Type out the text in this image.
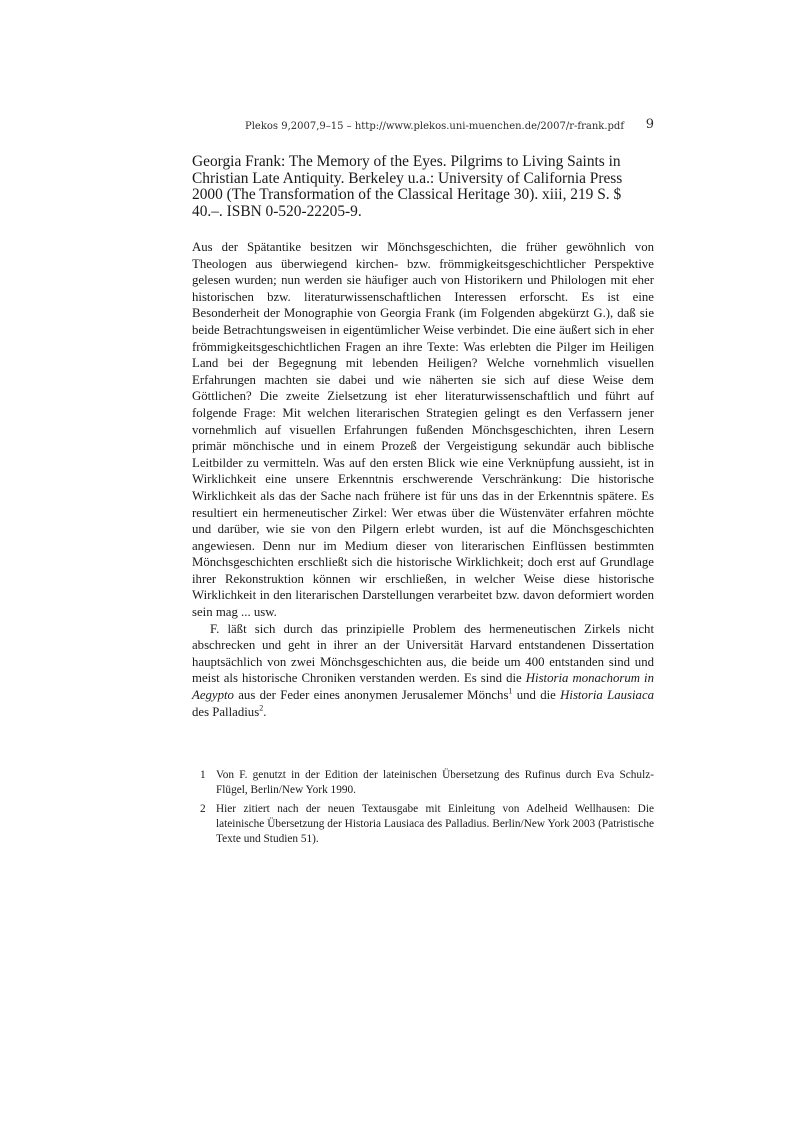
Plekos 9,2007,9–15 – http://www.plekos.uni-muenchen.de/2007/r-frank.pdf 9
Georgia Frank: The Memory of the Eyes. Pilgrims to Living Saints in Christian Late Antiquity. Berkeley u.a.: University of California Press 2000 (The Transformation of the Classical Heritage 30). xiii, 219 S. $ 40.–. ISBN 0-520-22205-9.

Aus der Spätantike besitzen wir Mönchsgeschichten, die früher gewöhnlich von Theologen aus überwiegend kirchen- bzw. frömmigkeitsgeschichtlicher Perspektive gelesen wurden; nun werden sie häufiger auch von Historikern und Philologen mit eher historischen bzw. literaturwissenschaftlichen Interessen erforscht. Es ist eine Besonderheit der Monographie von Georgia Frank (im Folgenden abgekürzt G.), daß sie beide Betrachtungsweisen in eigentümlicher Weise verbindet. Die eine äußert sich in eher frömmigkeitsgeschichtlichen Fragen an ihre Texte: Was erlebten die Pilger im Heiligen Land bei der Begegnung mit lebenden Heiligen? Welche vornehmlich visuellen Erfahrungen machten sie dabei und wie näherten sie sich auf diese Weise dem Göttlichen? Die zweite Zielsetzung ist eher literaturwissenschaftlich und führt auf folgende Frage: Mit welchen literarischen Strategien gelingt es den Verfassern jener vornehmlich auf visuellen Erfahrungen fußenden Mönchsgeschichten, ihren Lesern primär mönchische und in einem Prozeß der Vergeistigung sekundär auch biblische Leitbilder zu vermitteln. Was auf den ersten Blick wie eine Verknüpfung aussieht, ist in Wirklichkeit eine unsere Erkenntnis erschwerende Verschränkung: Die historische Wirklichkeit als das der Sache nach frühere ist für uns das in der Erkenntnis spätere. Es resultiert ein hermeneutischer Zirkel: Wer etwas über die Wüstenväter erfahren möchte und darüber, wie sie von den Pilgern erlebt wurden, ist auf die Mönchsgeschichten angewiesen. Denn nur im Medium dieser von literarischen Einflüssen bestimmten Mönchsgeschichten erschließt sich die historische Wirklichkeit; doch erst auf Grundlage ihrer Rekonstruktion können wir erschließen, in welcher Weise diese historische Wirklichkeit in den literarischen Darstellungen verarbeitet bzw. davon deformiert worden sein mag ... usw.

F. läßt sich durch das prinzipielle Problem des hermeneutischen Zirkels nicht abschrecken und geht in ihrer an der Universität Harvard entstandenen Dissertation hauptsächlich von zwei Mönchsgeschichten aus, die beide um 400 entstanden sind und meist als historische Chroniken verstanden werden. Es sind die Historia monachorum in Aegypto aus der Feder eines anonymen Jerusalemer Mönchs$^1$ und die Historia Lausiaca des Palladius$^2$.

1 Von F. genutzt in der Edition der lateinischen Übersetzung des Rufinus durch Eva Schulz-Flügel, Berlin/New York 1990.
2 Hier zitiert nach der neuen Textausgabe mit Einleitung von Adelheid Wellhausen: Die lateinische Übersetzung der Historia Lausiaca des Palladius. Berlin/New York 2003 (Patristische Texte und Studien 51).
